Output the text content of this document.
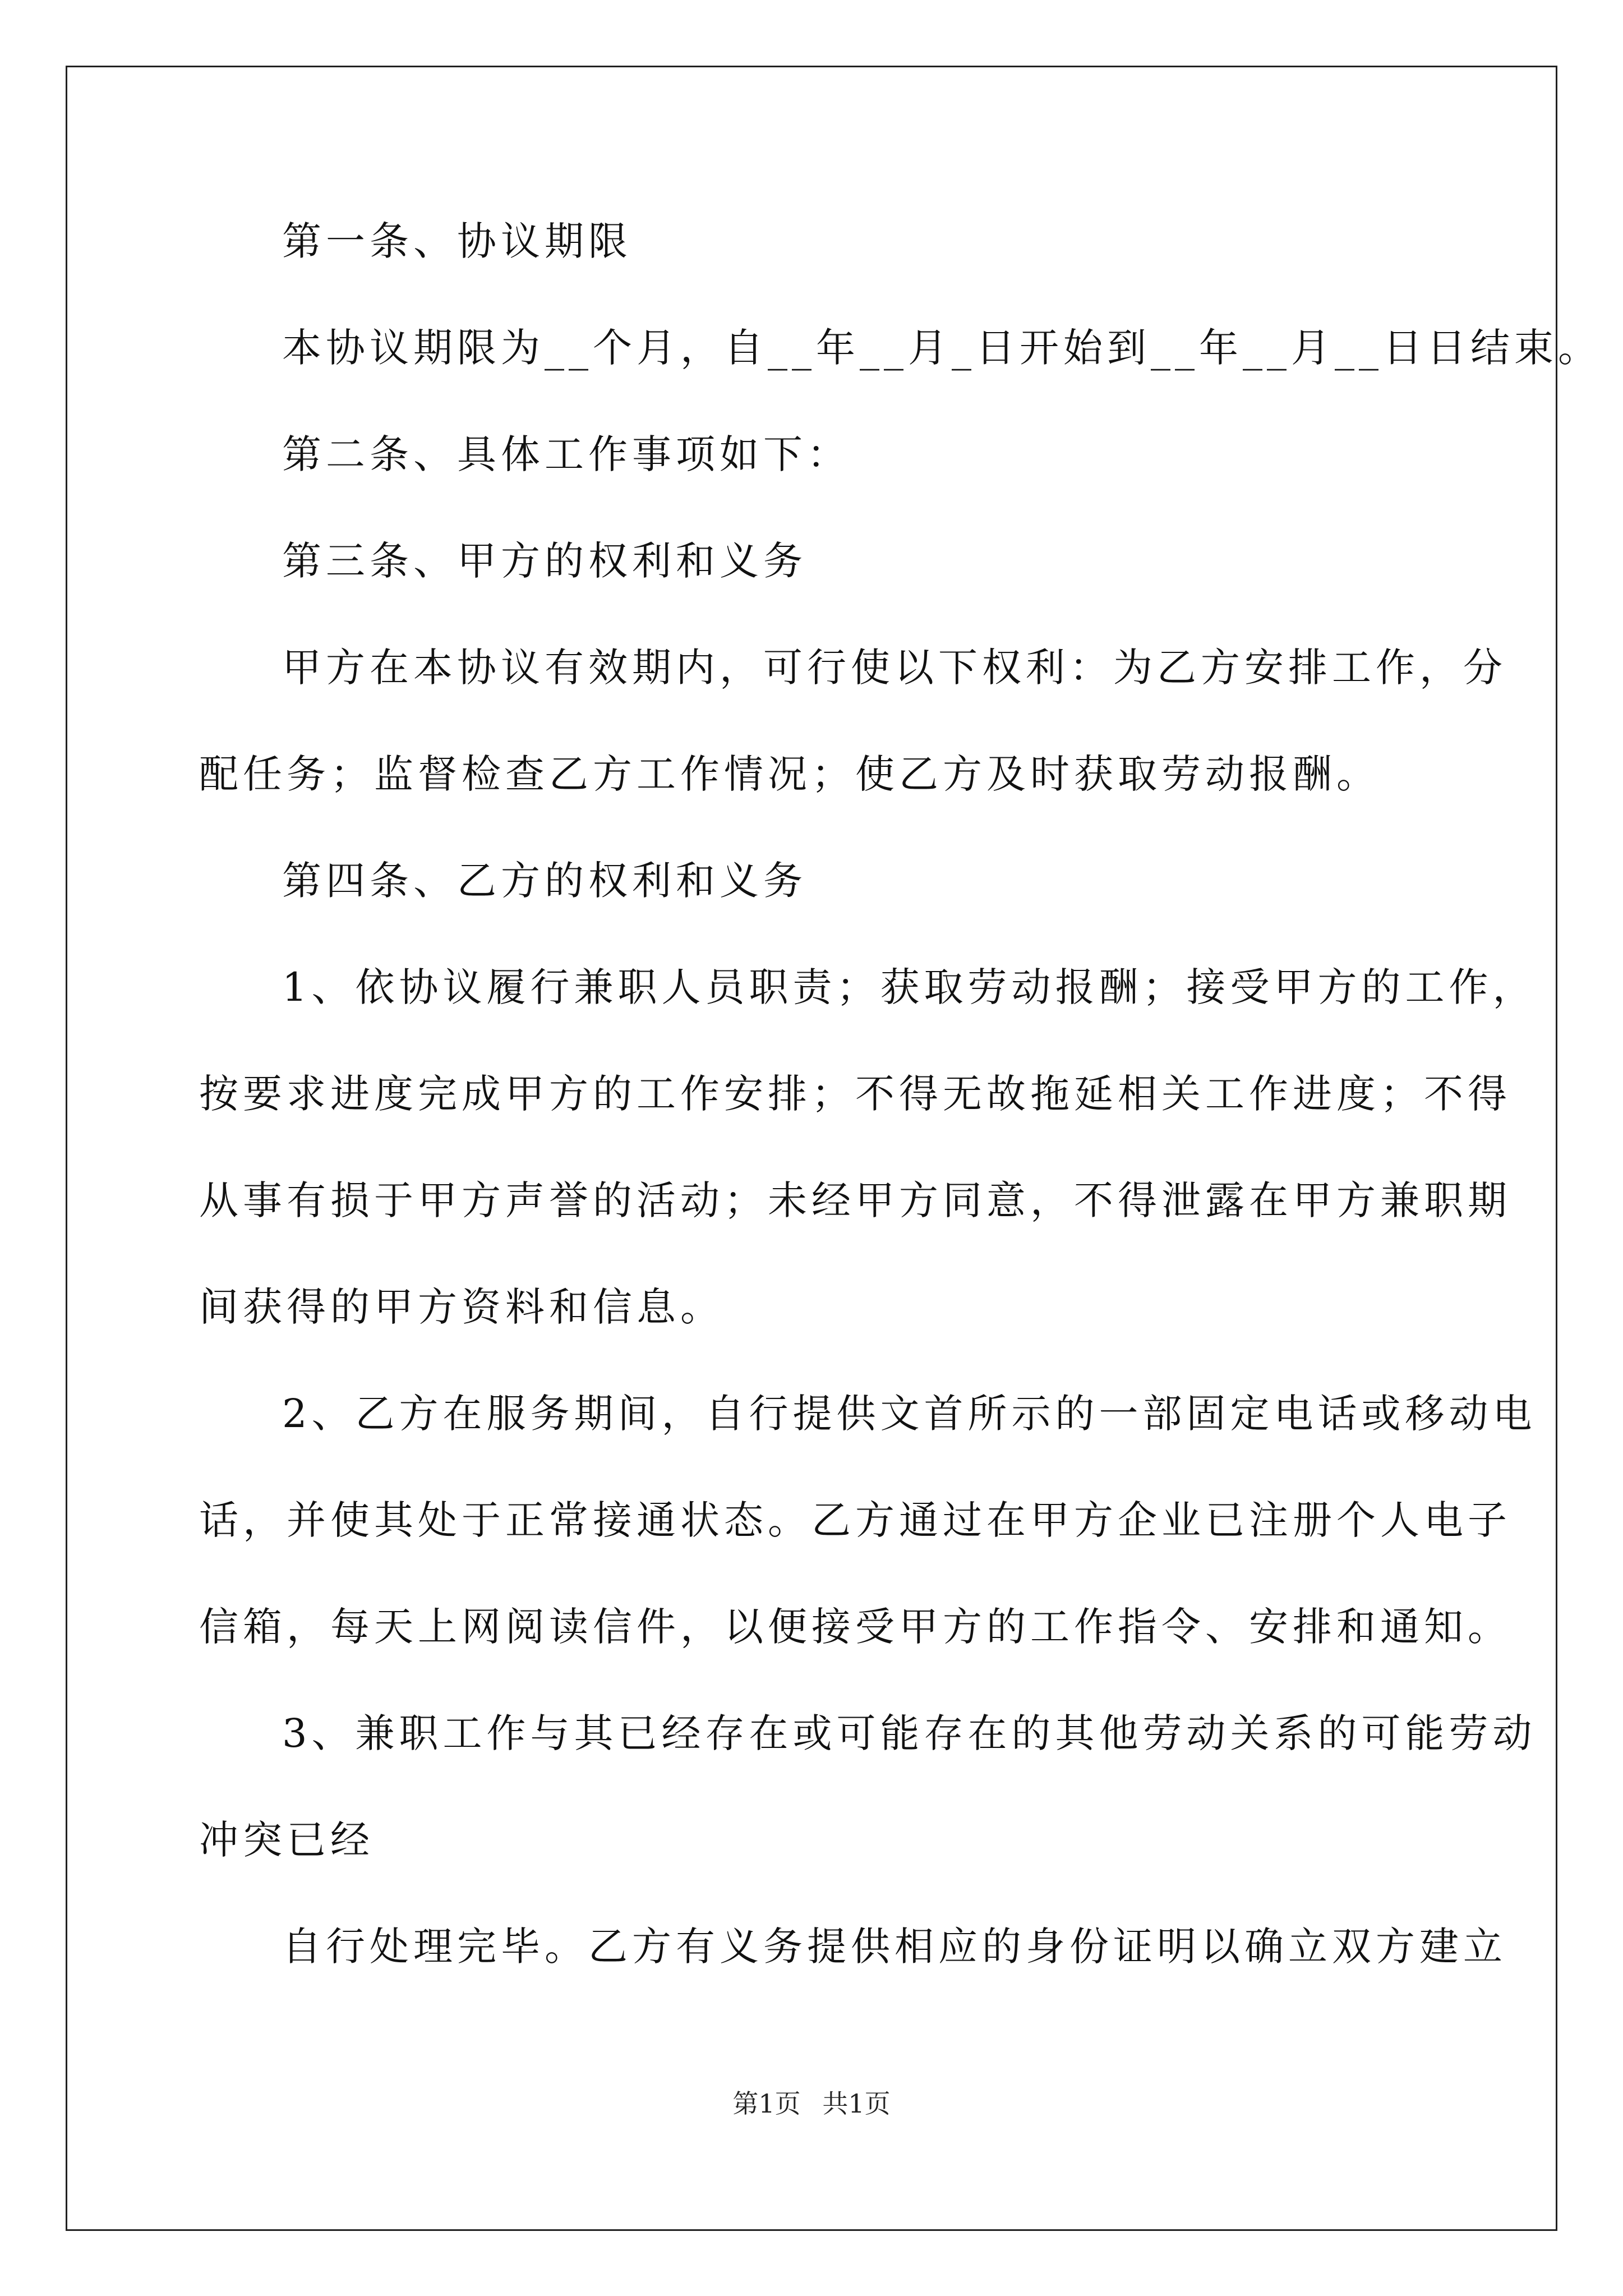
第一条、协议期限
本协议期限为__个月，自__年__月_日开始到__年__月__日日结束。
第二条、具体工作事项如下：
第三条、甲方的权利和义务
甲方在本协议有效期内，可行使以下权利：为乙方安排工作，分
配任务；监督检查乙方工作情况；使乙方及时获取劳动报酬。
第四条、乙方的权利和义务
1、依协议履行兼职人员职责；获取劳动报酬；接受甲方的工作，
按要求进度完成甲方的工作安排；不得无故拖延相关工作进度；不得
从事有损于甲方声誉的活动；未经甲方同意，不得泄露在甲方兼职期
间获得的甲方资料和信息。
2、乙方在服务期间，自行提供文首所示的一部固定电话或移动电
话，并使其处于正常接通状态。乙方通过在甲方企业已注册个人电子
信箱，每天上网阅读信件，以便接受甲方的工作指令、安排和通知。
3、兼职工作与其已经存在或可能存在的其他劳动关系的可能劳动
冲突已经
自行处理完毕。乙方有义务提供相应的身份证明以确立双方建立
第1页 共1页
